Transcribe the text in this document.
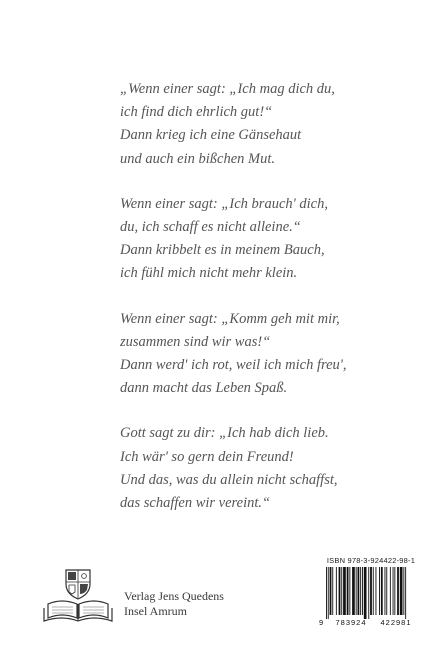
„Wenn einer sagt: „Ich mag dich du,
ich find dich ehrlich gut!“
Dann krieg ich eine Gänsehaut
und auch ein bißchen Mut.
Wenn einer sagt: „Ich brauch' dich,
du, ich schaff es nicht alleine.“
Dann kribbelt es in meinem Bauch,
ich fühl mich nicht mehr klein.
Wenn einer sagt: „Komm geh mit mir,
zusammen sind wir was!“
Dann werd' ich rot, weil ich mich freu',
dann macht das Leben Spaß.
Gott sagt zu dir: „Ich hab dich lieb.
Ich wär' so gern dein Freund!
Und das, was du allein nicht schaffst,
das schaffen wir vereint.“
Verlag Jens Quedens
Insel Amrum
ISBN 978-3-924422-98-1
9 783924 422981
